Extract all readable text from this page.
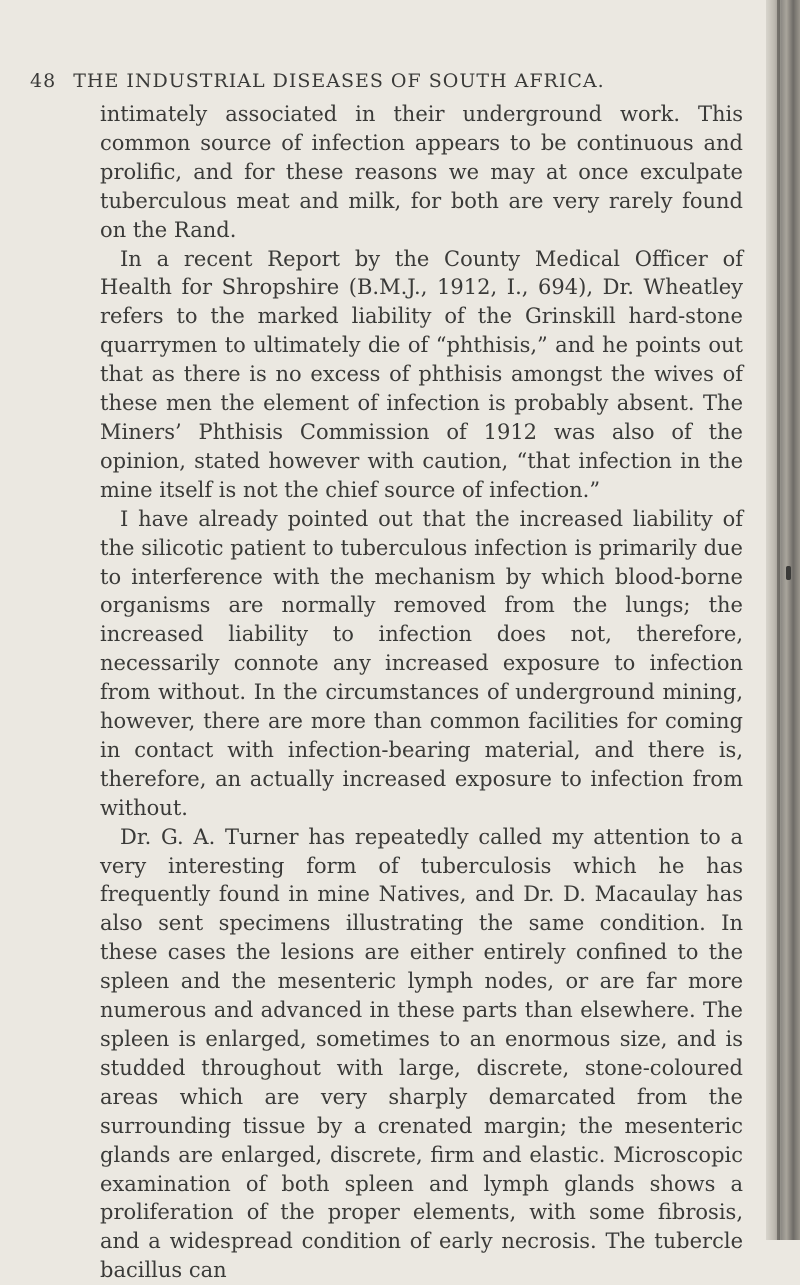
48 THE INDUSTRIAL DISEASES OF SOUTH AFRICA.

intimately associated in their underground work. This common source of infection appears to be continuous and prolific, and for these reasons we may at once exculpate tuberculous meat and milk, for both are very rarely found on the Rand.

In a recent Report by the County Medical Officer of Health for Shropshire (B.M.J., 1912, I., 694), Dr. Wheatley refers to the marked liability of the Grinskill hard-stone quarrymen to ultimately die of “phthisis,” and he points out that as there is no excess of phthisis amongst the wives of these men the element of infection is probably absent. The Miners’ Phthisis Commission of 1912 was also of the opinion, stated however with caution, “that infection in the mine itself is not the chief source of infection.”

I have already pointed out that the increased liability of the silicotic patient to tuberculous infection is primarily due to interference with the mechanism by which blood-borne organisms are normally removed from the lungs; the increased liability to infection does not, therefore, necessarily connote any increased exposure to infection from without. In the circumstances of underground mining, however, there are more than common facilities for coming in contact with infection-bearing material, and there is, therefore, an actually increased exposure to infection from without.

Dr. G. A. Turner has repeatedly called my attention to a very interesting form of tuberculosis which he has frequently found in mine Natives, and Dr. D. Macaulay has also sent specimens illustrating the same condition. In these cases the lesions are either entirely confined to the spleen and the mesenteric lymph nodes, or are far more numerous and advanced in these parts than elsewhere. The spleen is enlarged, sometimes to an enormous size, and is studded throughout with large, discrete, stone-coloured areas which are very sharply demarcated from the surrounding tissue by a crenated margin; the mesenteric glands are enlarged, discrete, firm and elastic. Microscopic examination of both spleen and lymph glands shows a proliferation of the proper elements, with some fibrosis, and a widespread condition of early necrosis. The tubercle bacillus can
